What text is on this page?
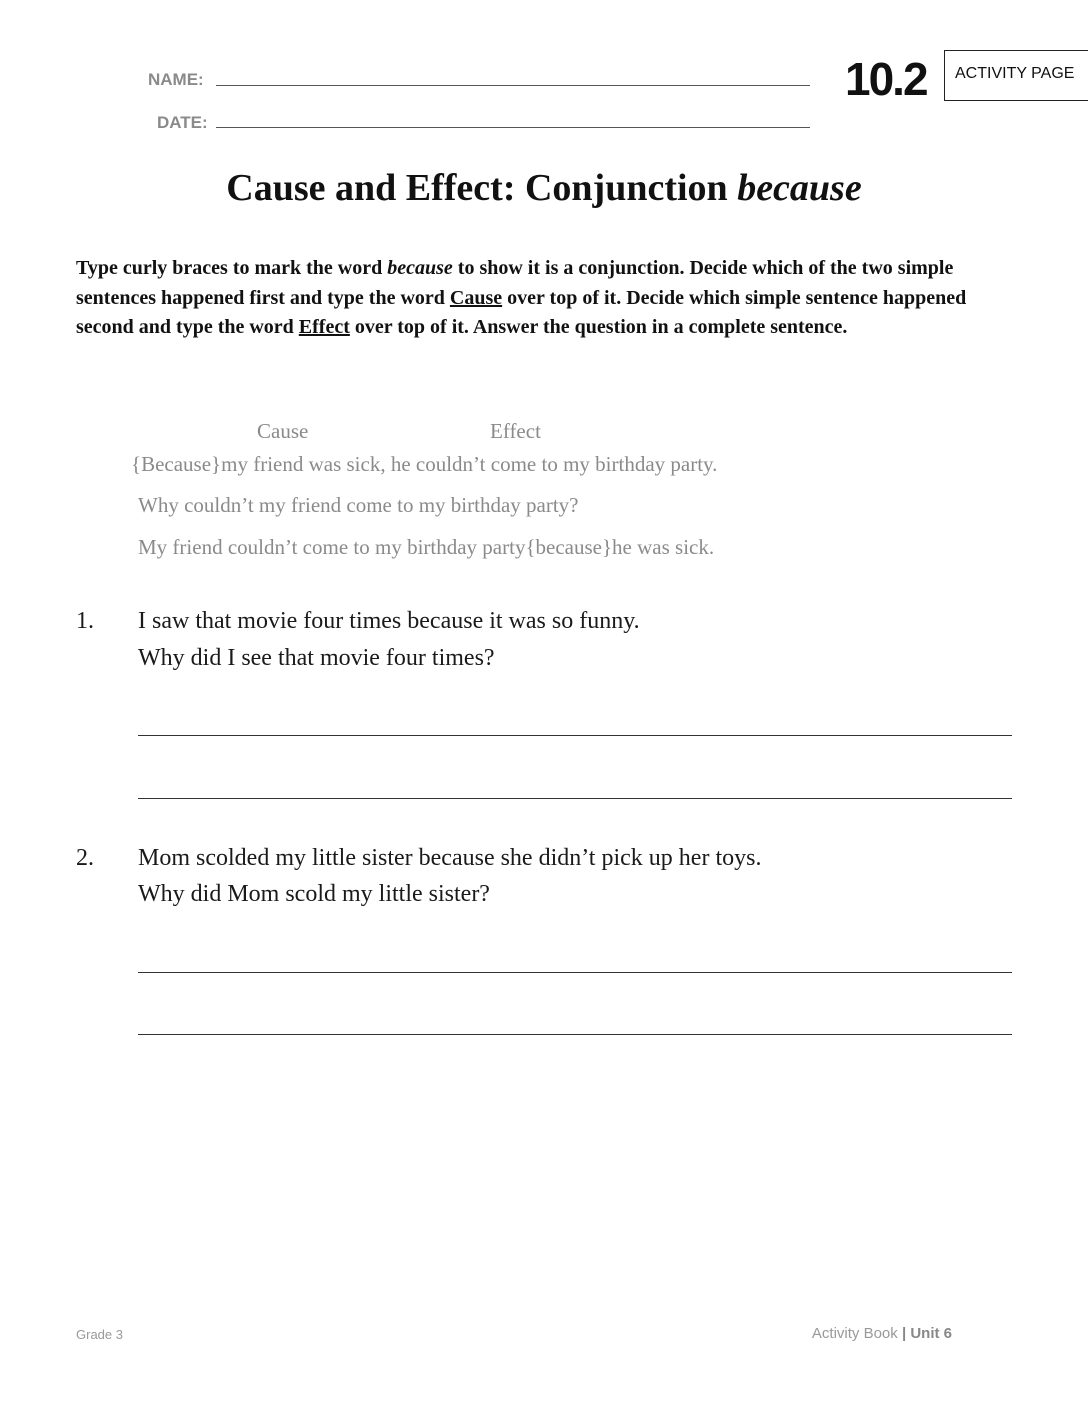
NAME:
DATE:
10.2	ACTIVITY PAGE
Cause and Effect: Conjunction because
Type curly braces to mark the word because to show it is a conjunction. Decide which of the two simple sentences happened first and type the word Cause over top of it. Decide which simple sentence happened second and type the word Effect over top of it. Answer the question in a complete sentence.
Cause	Effect
{Because}my friend was sick, he couldn’t come to my birthday party.
Why couldn’t my friend come to my birthday party?
My friend couldn’t come to my birthday party{because}he was sick.
1. I saw that movie four times because it was so funny.
Why did I see that movie four times?
2. Mom scolded my little sister because she didn’t pick up her toys.
Why did Mom scold my little sister?
Grade 3	Activity Book | Unit 6
